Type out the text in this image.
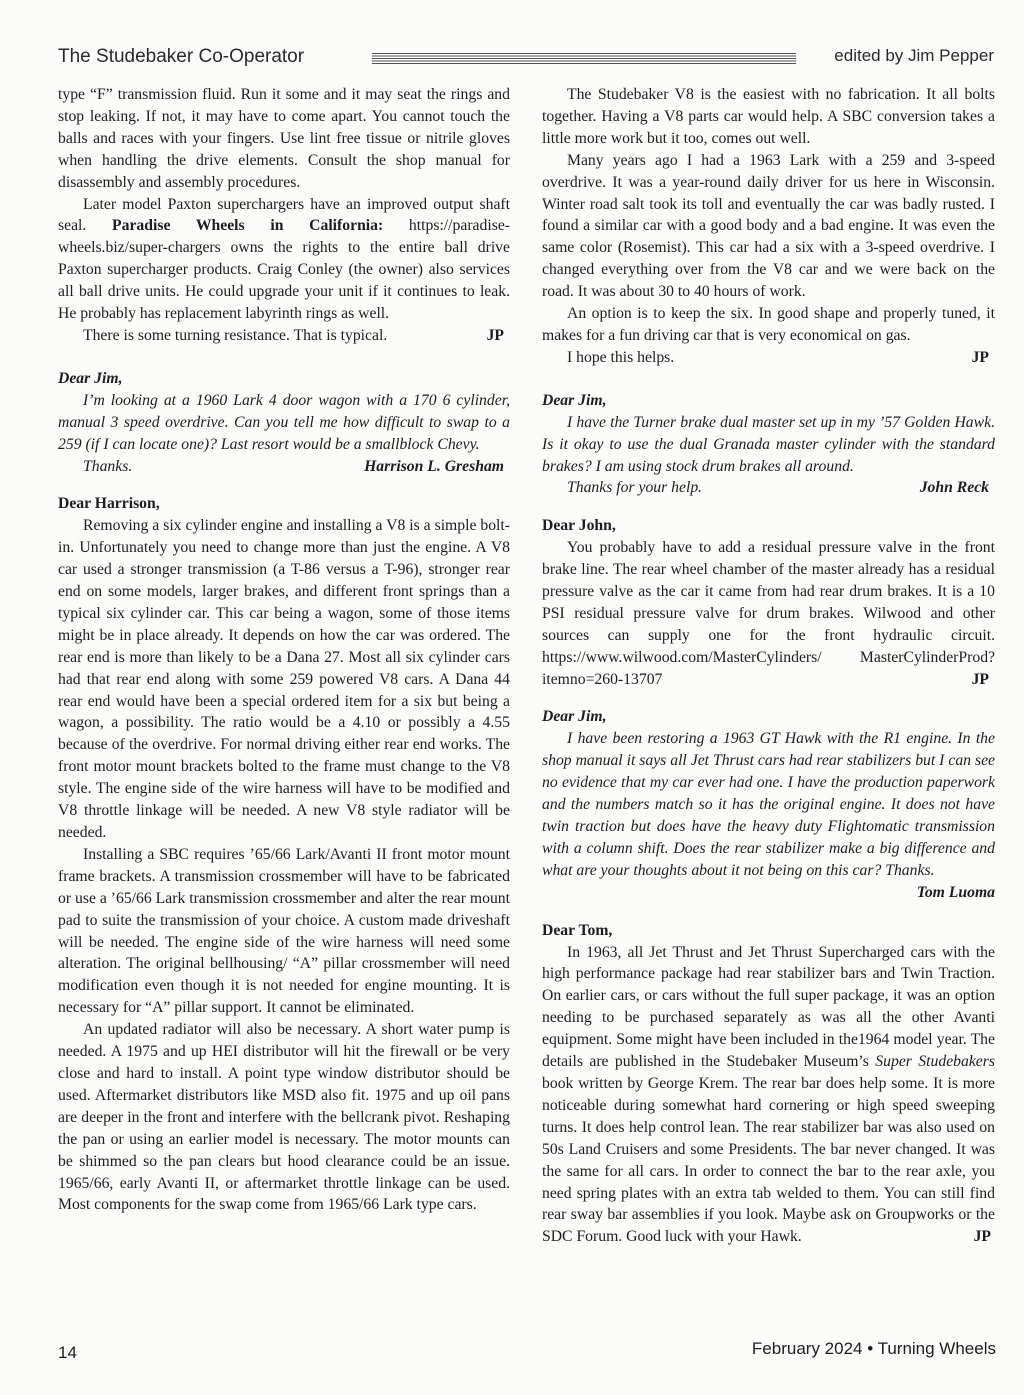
The Studebaker Co-Operator	edited by Jim Pepper

type “F” transmission fluid. Run it some and it may seat the rings and stop leaking. If not, it may have to come apart. You cannot touch the balls and races with your fingers. Use lint free tissue or nitrile gloves when handling the drive elements. Consult the shop manual for disassembly and assembly procedures.

Later model Paxton superchargers have an improved output shaft seal. Paradise Wheels in California: https://paradise-wheels.biz/super-chargers owns the rights to the entire ball drive Paxton supercharger products. Craig Conley (the owner) also services all ball drive units. He could upgrade your unit if it continues to leak. He probably has replacement labyrinth rings as well.

There is some turning resistance. That is typical.	JP

Dear Jim,

I’m looking at a 1960 Lark 4 door wagon with a 170 6 cylinder, manual 3 speed overdrive. Can you tell me how difficult to swap to a 259 (if I can locate one)? Last resort would be a smallblock Chevy.

Thanks.	Harrison L. Gresham

Dear Harrison,

Removing a six cylinder engine and installing a V8 is a simple bolt-in. Unfortunately you need to change more than just the engine. A V8 car used a stronger transmission (a T-86 versus a T-96), stronger rear end on some models, larger brakes, and different front springs than a typical six cylinder car. This car being a wagon, some of those items might be in place already. It depends on how the car was ordered. The rear end is more than likely to be a Dana 27. Most all six cylinder cars had that rear end along with some 259 powered V8 cars. A Dana 44 rear end would have been a special ordered item for a six but being a wagon, a possibility. The ratio would be a 4.10 or possibly a 4.55 because of the overdrive. For normal driving either rear end works. The front motor mount brackets bolted to the frame must change to the V8 style. The engine side of the wire harness will have to be modified and V8 throttle linkage will be needed. A new V8 style radiator will be needed.

Installing a SBC requires ’65/66 Lark/Avanti II front motor mount frame brackets. A transmission crossmember will have to be fabricated or use a ’65/66 Lark transmission crossmember and alter the rear mount pad to suite the transmission of your choice. A custom made driveshaft will be needed. The engine side of the wire harness will need some alteration. The original bellhousing/ “A” pillar crossmember will need modification even though it is not needed for engine mounting. It is necessary for “A” pillar support. It cannot be eliminated.

An updated radiator will also be necessary. A short water pump is needed. A 1975 and up HEI distributor will hit the firewall or be very close and hard to install. A point type window distributor should be used. Aftermarket distributors like MSD also fit. 1975 and up oil pans are deeper in the front and interfere with the bellcrank pivot. Reshaping the pan or using an earlier model is necessary. The motor mounts can be shimmed so the pan clears but hood clearance could be an issue. 1965/66, early Avanti II, or aftermarket throttle linkage can be used. Most components for the swap come from 1965/66 Lark type cars.

The Studebaker V8 is the easiest with no fabrication. It all bolts together. Having a V8 parts car would help. A SBC conversion takes a little more work but it too, comes out well.

Many years ago I had a 1963 Lark with a 259 and 3-speed overdrive. It was a year-round daily driver for us here in Wisconsin. Winter road salt took its toll and eventually the car was badly rusted. I found a similar car with a good body and a bad engine. It was even the same color (Rosemist). This car had a six with a 3-speed overdrive. I changed everything over from the V8 car and we were back on the road. It was about 30 to 40 hours of work.

An option is to keep the six. In good shape and properly tuned, it makes for a fun driving car that is very economical on gas.

I hope this helps.	JP

Dear Jim,

I have the Turner brake dual master set up in my ’57 Golden Hawk. Is it okay to use the dual Granada master cylinder with the standard brakes? I am using stock drum brakes all around.

Thanks for your help.	John Reck

Dear John,

You probably have to add a residual pressure valve in the front brake line. The rear wheel chamber of the master already has a residual pressure valve as the car it came from had rear drum brakes. It is a 10 PSI residual pressure valve for drum brakes. Wilwood and other sources can supply one for the front hydraulic circuit. https://www.wilwood.com/MasterCylinders/ MasterCylinderProd?itemno=260-13707	JP

Dear Jim,

I have been restoring a 1963 GT Hawk with the R1 engine. In the shop manual it says all Jet Thrust cars had rear stabilizers but I can see no evidence that my car ever had one. I have the production paperwork and the numbers match so it has the original engine. It does not have twin traction but does have the heavy duty Flightomatic transmission with a column shift. Does the rear stabilizer make a big difference and what are your thoughts about it not being on this car? Thanks.

Tom Luoma

Dear Tom,

In 1963, all Jet Thrust and Jet Thrust Supercharged cars with the high performance package had rear stabilizer bars and Twin Traction. On earlier cars, or cars without the full super package, it was an option needing to be purchased separately as was all the other Avanti equipment. Some might have been included in the1964 model year. The details are published in the Studebaker Museum’s Super Studebakers book written by George Krem. The rear bar does help some. It is more noticeable during somewhat hard cornering or high speed sweeping turns. It does help control lean. The rear stabilizer bar was also used on 50s Land Cruisers and some Presidents. The bar never changed. It was the same for all cars. In order to connect the bar to the rear axle, you need spring plates with an extra tab welded to them. You can still find rear sway bar assemblies if you look. Maybe ask on Groupworks or the SDC Forum. Good luck with your Hawk.	JP

14	February 2024 • Turning Wheels
